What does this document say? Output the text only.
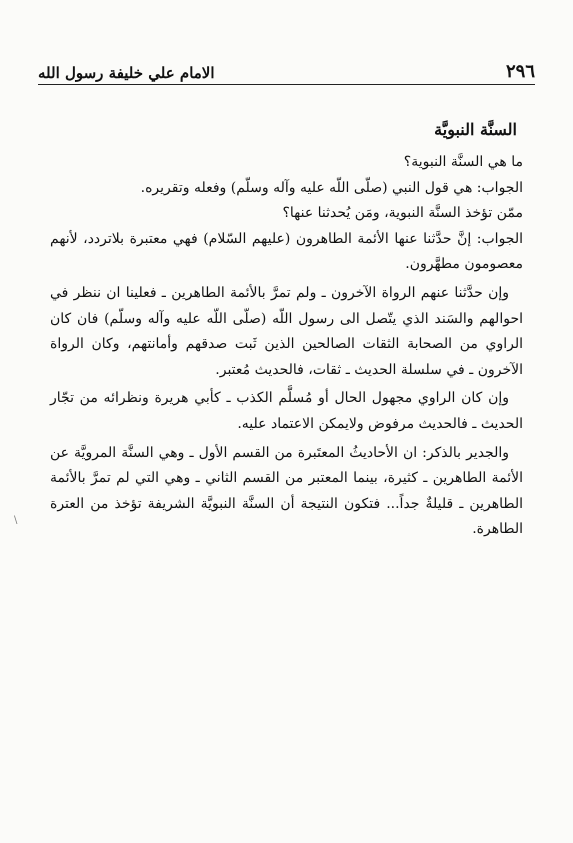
٢٩٦
الامام علي خليفة رسول الله
السنَّة النبويَّة

ما هي السنَّة النبوية؟

الجواب: هي قول النبي (صلّى اللّه عليه وآله وسلّم) وفعله وتقريره.

ممّن تؤخذ السنَّة النبوية، ومَن يُحدثنا عنها؟

الجواب: إنَّ حدَّثنا عنها الأئمة الطاهرون (عليهم السّلام) فهي معتبرة بلاتردد، لأنهم معصومون مطهَّرون.

وإن حدَّثنا عنهم الرواة الآخرون ـ ولم تمرَّ بالأئمة الطاهرين ـ فعلينا ان ننظر في احوالهم والسَند الذي يتّصل الى رسول اللّه (صلّى اللّه عليه وآله وسلّم) فان كان الراوي من الصحابة الثقات الصالحين الذين ثَبت صدقهم وأمانتهم، وكان الرواة الآخرون ـ في سلسلة الحديث ـ ثقات، فالحديث مُعتبر.

وإن كان الراوي مجهول الحال أو مُسلَّم الكذب ـ كأبي هريرة ونظرائه من تجّار الحديث ـ فالحديث مرفوض ولايمكن الاعتماد عليه.

والجدير بالذكر: ان الأحاديثُ المعتَبرة من القسم الأول ـ وهي السنَّة المرويَّة عن الأئمة الطاهرين ـ كثيرة، بينما المعتبر من القسم الثاني ـ وهي التي لم تمرَّ بالأئمة الطاهرين ـ قليلةٌ جداً... فتكون النتيجة أن السنَّة النبويَّة الشريفة تؤخذ من العترة الطاهرة.

\
